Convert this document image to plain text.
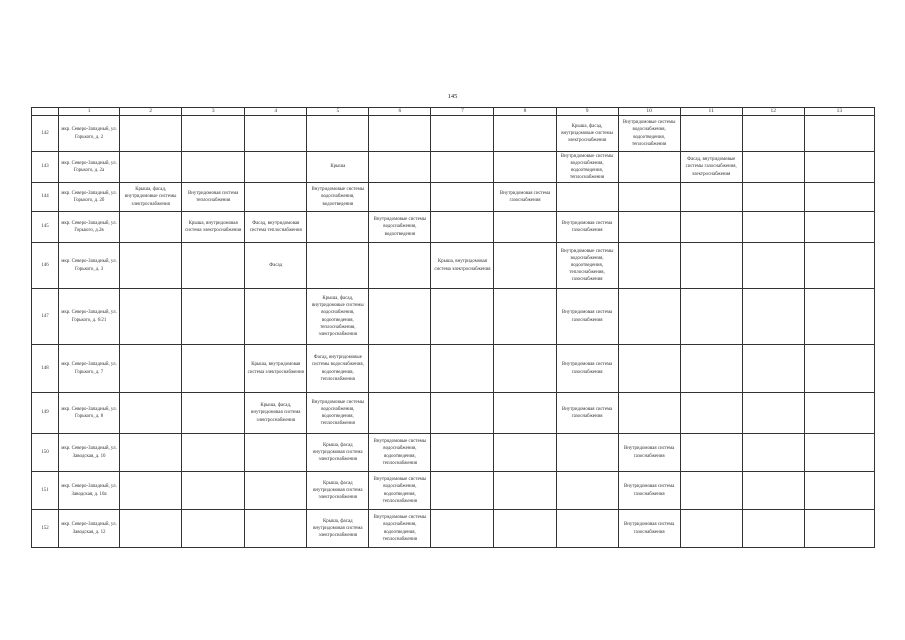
145
	1	2	3	4	5	6	7	8	9	10	11	12	13
142	мкр. Северо-Западный, ул. Горького, д. 2								Крыша, фасад, внутридомовые системы электроснабжения	Внутридомовые системы водоснабжения, водоотведения, теплоснабжения			
143	мкр. Северо-Западный, ул. Горького, д. 2а				Крыша				Внутридомовые системы водоснабжения, водоотведения, теплоснабжения		Фасад, внутридомовые системы газоснабжения, электроснабжения		
144	мкр. Северо-Западный, ул. Горького, д. 2б	Крыша, фасад, внутридомовые системы электроснабжения	Внутридомовая система теплоснабжения		Внутридомовые системы водоснабжения, водоотведения			Внутридомовая система газоснабжения					
145	мкр. Северо-Западный, ул. Горького, д.2в		Крыша, внутридомовая система электроснабжения	Фасад, внутридомовая система теплоснабжения		Внутридомовые системы водоснабжения, водоотведения			Внутридомовая система газоснабжения				
146	мкр. Северо-Западный, ул. Горького, д. 3			Фасад			Крыша, внутридомовая система электроснабжения		Внутридомовые системы водоснабжения, водоотведения, теплоснабжения, газоснабжения				
147	мкр. Северо-Западный, ул. Горького, д. 6/21				Крыша, фасад, внутридомовые системы водоснабжения, водоотведения, теплоснабжения, электроснабжения				Внутридомовая система газоснабжения				
148	мкр. Северо-Западный, ул. Горького, д. 7			Крыша, внутридомовая система электроснабжения	Фасад, внутридомовые системы водоснабжения, водоотведения, теплоснабжения				Внутридомовая система газоснабжения				
149	мкр. Северо-Западный, ул. Горького, д. 8			Крыша, фасад, внутридомовая система электроснабжения	Внутридомовые системы водоснабжения, водоотведения, теплоснабжения				Внутридомовая система газоснабжения				
150	мкр. Северо-Западный, ул. Заводская, д. 10				Крыша, фасад внутридомовая система электроснабжения	Внутридомовые системы водоснабжения, водоотведения, теплоснабжения				Внутридомовая система газоснабжения			
151	мкр. Северо-Западный, ул. Заводская, д. 10а				Крыша, фасад внутридомовая система электроснабжения	Внутридомовые системы водоснабжения, водоотведения, теплоснабжения				Внутридомовая система газоснабжения			
152	мкр. Северо-Западный, ул. Заводская, д. 12				Крыша, фасад внутридомовая система электроснабжения	Внутридомовые системы водоснабжения, водоотведения, теплоснабжения				Внутридомовая система газоснабжения			
